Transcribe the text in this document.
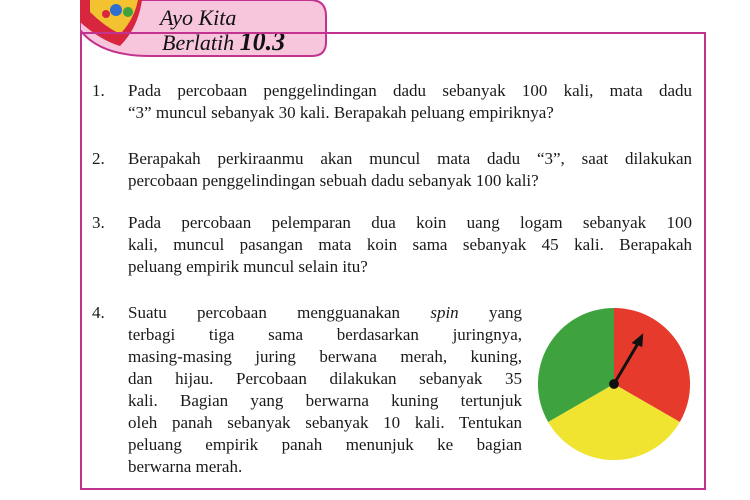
Ayo Kita
Berlatih 10.3
1.	Pada percobaan penggelindingan dadu sebanyak 100 kali, mata dadu
“3” muncul sebanyak 30 kali. Berapakah peluang empiriknya?
2.	Berapakah perkiraanmu akan muncul mata dadu “3”, saat dilakukan
percobaan penggelindingan sebuah dadu sebanyak 100 kali?
3.	Pada percobaan pelemparan dua koin uang logam sebanyak 100
kali, muncul pasangan mata koin sama sebanyak 45 kali. Berapakah
peluang empirik muncul selain itu?
4.	Suatu percobaan mengguanakan spin yang
terbagi tiga sama berdasarkan juringnya,
masing-masing juring berwana merah, kuning,
dan hijau. Percobaan dilakukan sebanyak 35
kali. Bagian yang berwarna kuning tertunjuk
oleh panah sebanyak sebanyak 10 kali. Tentukan
peluang empirik panah menunjuk ke bagian
berwarna merah.
